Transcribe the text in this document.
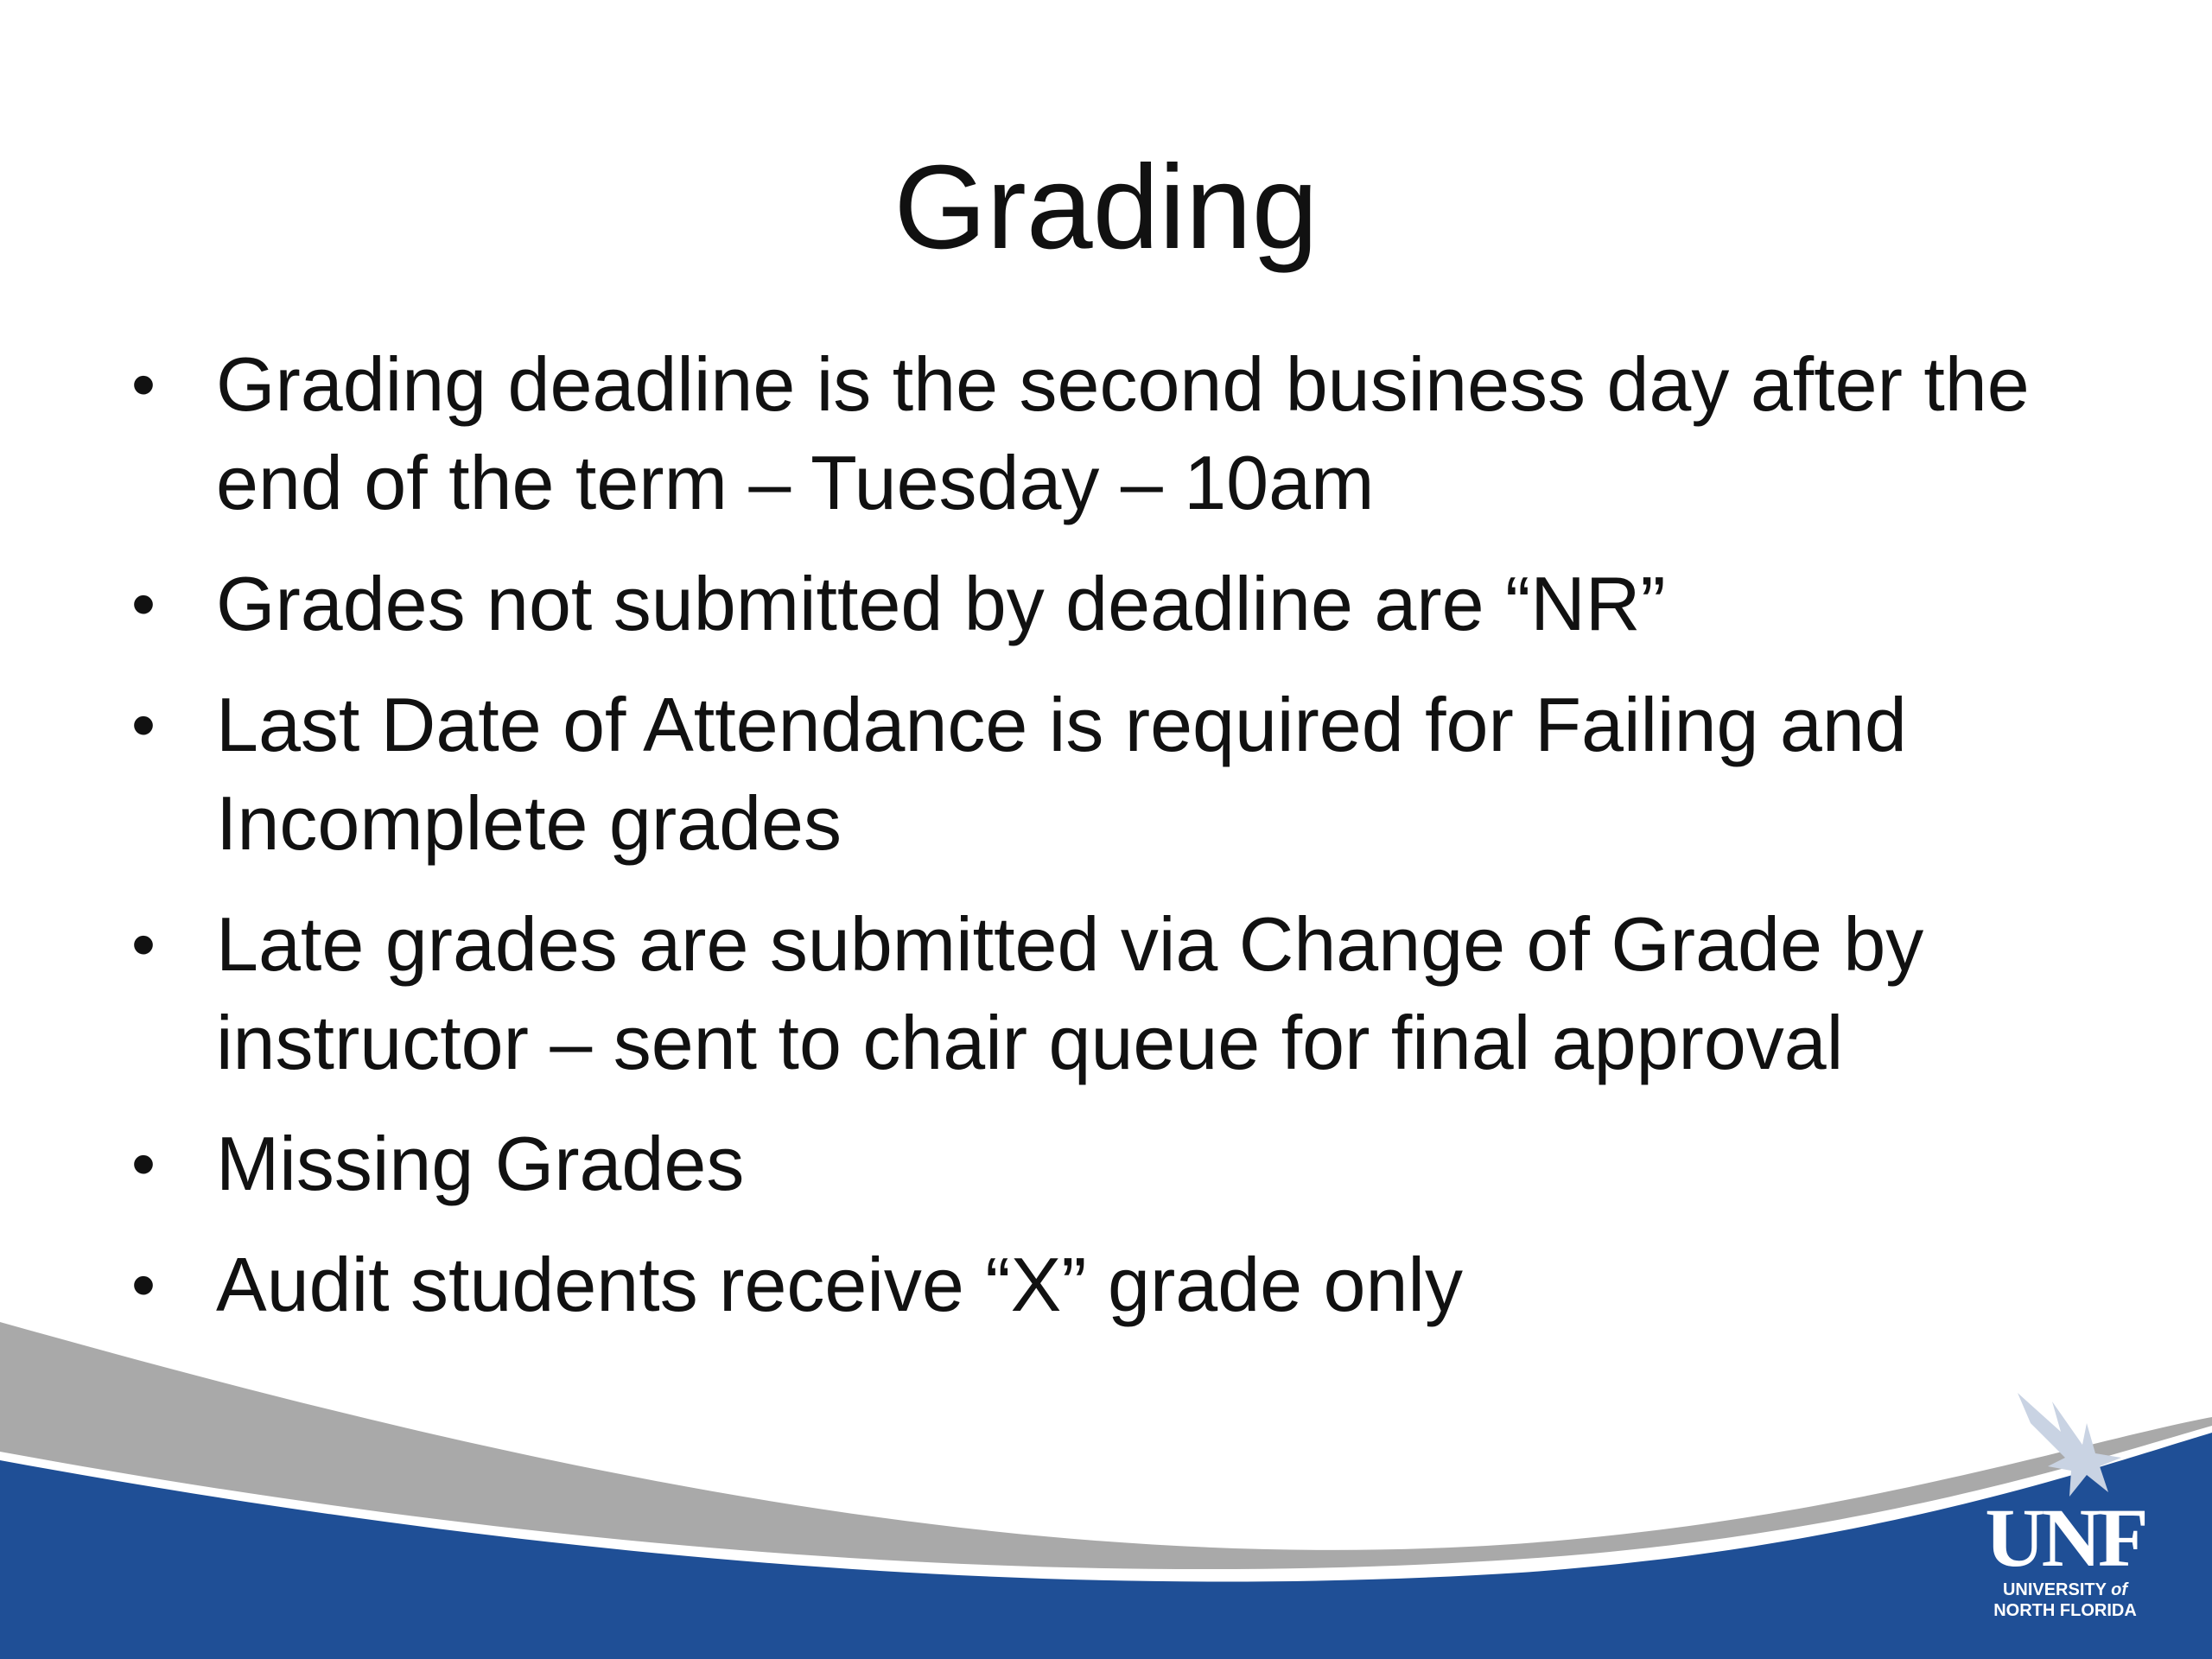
Grading
• Grading deadline is the second business day after the end of the term – Tuesday – 10am
• Grades not submitted by deadline are “NR”
• Last Date of Attendance is required for Failing and Incomplete grades
• Late grades are submitted via Change of Grade by instructor – sent to chair queue for final approval
• Missing Grades
• Audit students receive “X” grade only
UNF
UNIVERSITY of
NORTH FLORIDA
